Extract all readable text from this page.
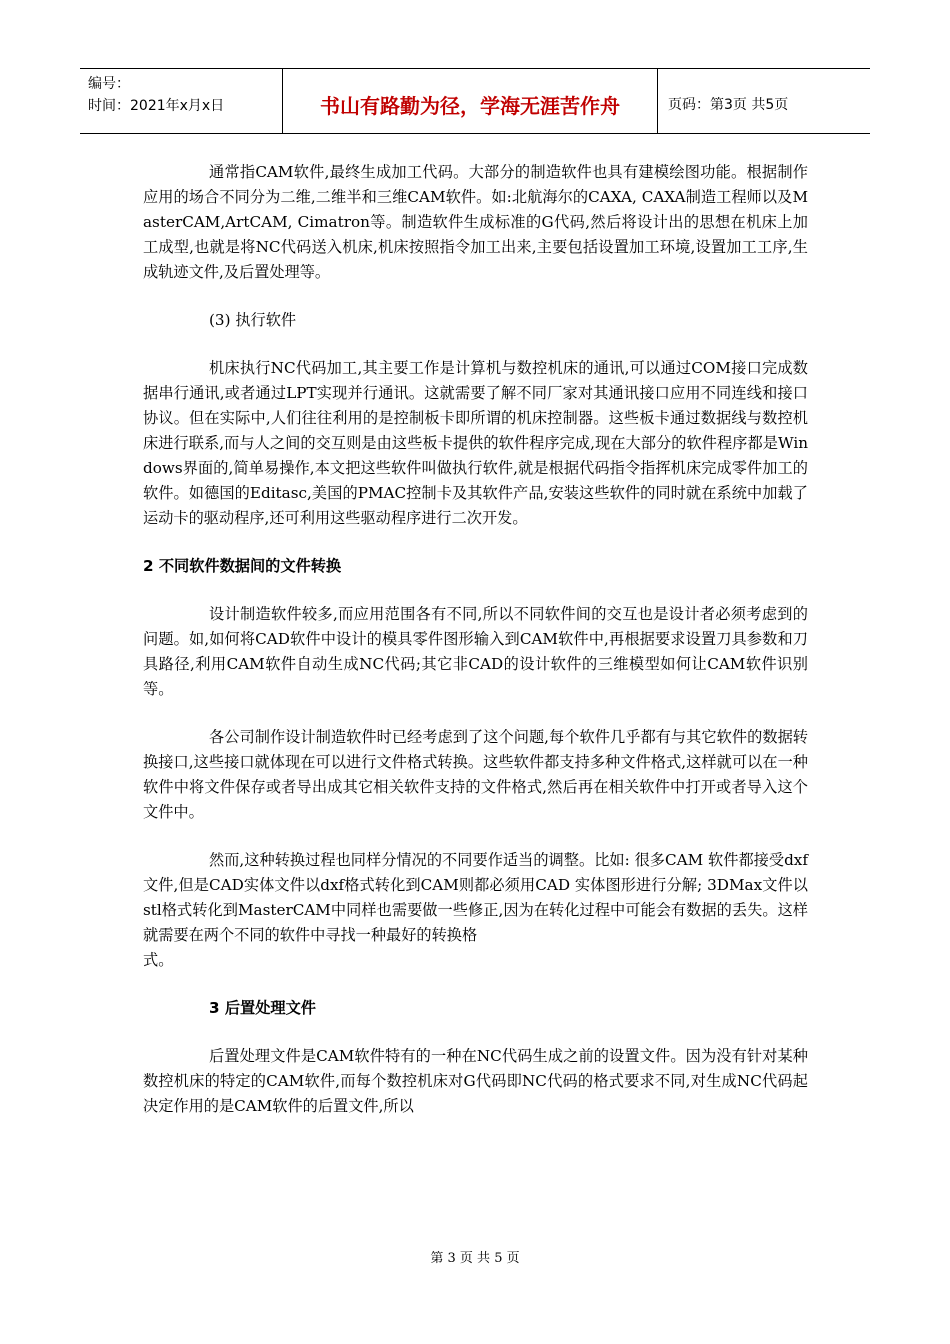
编号：
时间：2021年x月x日	书山有路勤为径，学海无涯苦作舟	页码：第3页 共5页

通常指CAM软件,最终生成加工代码。大部分的制造软件也具有建模绘图功能。根据制作应用的场合不同分为二维,二维半和三维CAM软件。如:北航海尔的CAXA, CAXA制造工程师以及MasterCAM,ArtCAM, Cimatron等。制造软件生成标准的G代码,然后将设计出的思想在机床上加工成型,也就是将NC代码送入机床,机床按照指令加工出来,主要包括设置加工环境,设置加工工序,生成轨迹文件,及后置处理等。

(3) 执行软件

机床执行NC代码加工,其主要工作是计算机与数控机床的通讯,可以通过COM接口完成数据串行通讯,或者通过LPT实现并行通讯。这就需要了解不同厂家对其通讯接口应用不同连线和接口协议。但在实际中,人们往往利用的是控制板卡即所谓的机床控制器。这些板卡通过数据线与数控机床进行联系,而与人之间的交互则是由这些板卡提供的软件程序完成,现在大部分的软件程序都是Windows界面的,简单易操作,本文把这些软件叫做执行软件,就是根据代码指令指挥机床完成零件加工的软件。如德国的Editasc,美国的PMAC控制卡及其软件产品,安装这些软件的同时就在系统中加载了运动卡的驱动程序,还可利用这些驱动程序进行二次开发。

2 不同软件数据间的文件转换

设计制造软件较多,而应用范围各有不同,所以不同软件间的交互也是设计者必须考虑到的问题。如,如何将CAD软件中设计的模具零件图形输入到CAM软件中,再根据要求设置刀具参数和刀具路径,利用CAM软件自动生成NC代码;其它非CAD的设计软件的三维模型如何让CAM软件识别等。

各公司制作设计制造软件时已经考虑到了这个问题,每个软件几乎都有与其它软件的数据转换接口,这些接口就体现在可以进行文件格式转换。这些软件都支持多种文件格式,这样就可以在一种软件中将文件保存或者导出成其它相关软件支持的文件格式,然后再在相关软件中打开或者导入这个文件中。

然而,这种转换过程也同样分情况的不同要作适当的调整。比如: 很多CAM 软件都接受dxf文件,但是CAD实体文件以dxf格式转化到CAM则都必须用CAD 实体图形进行分解; 3DMax文件以stl格式转化到MasterCAM中同样也需要做一些修正,因为在转化过程中可能会有数据的丢失。这样就需要在两个不同的软件中寻找一种最好的转换格

式。

3 后置处理文件

后置处理文件是CAM软件特有的一种在NC代码生成之前的设置文件。因为没有针对某种数控机床的特定的CAM软件,而每个数控机床对G代码即NC代码的格式要求不同,对生成NC代码起决定作用的是CAM软件的后置文件,所以

第 3 页 共 5 页
